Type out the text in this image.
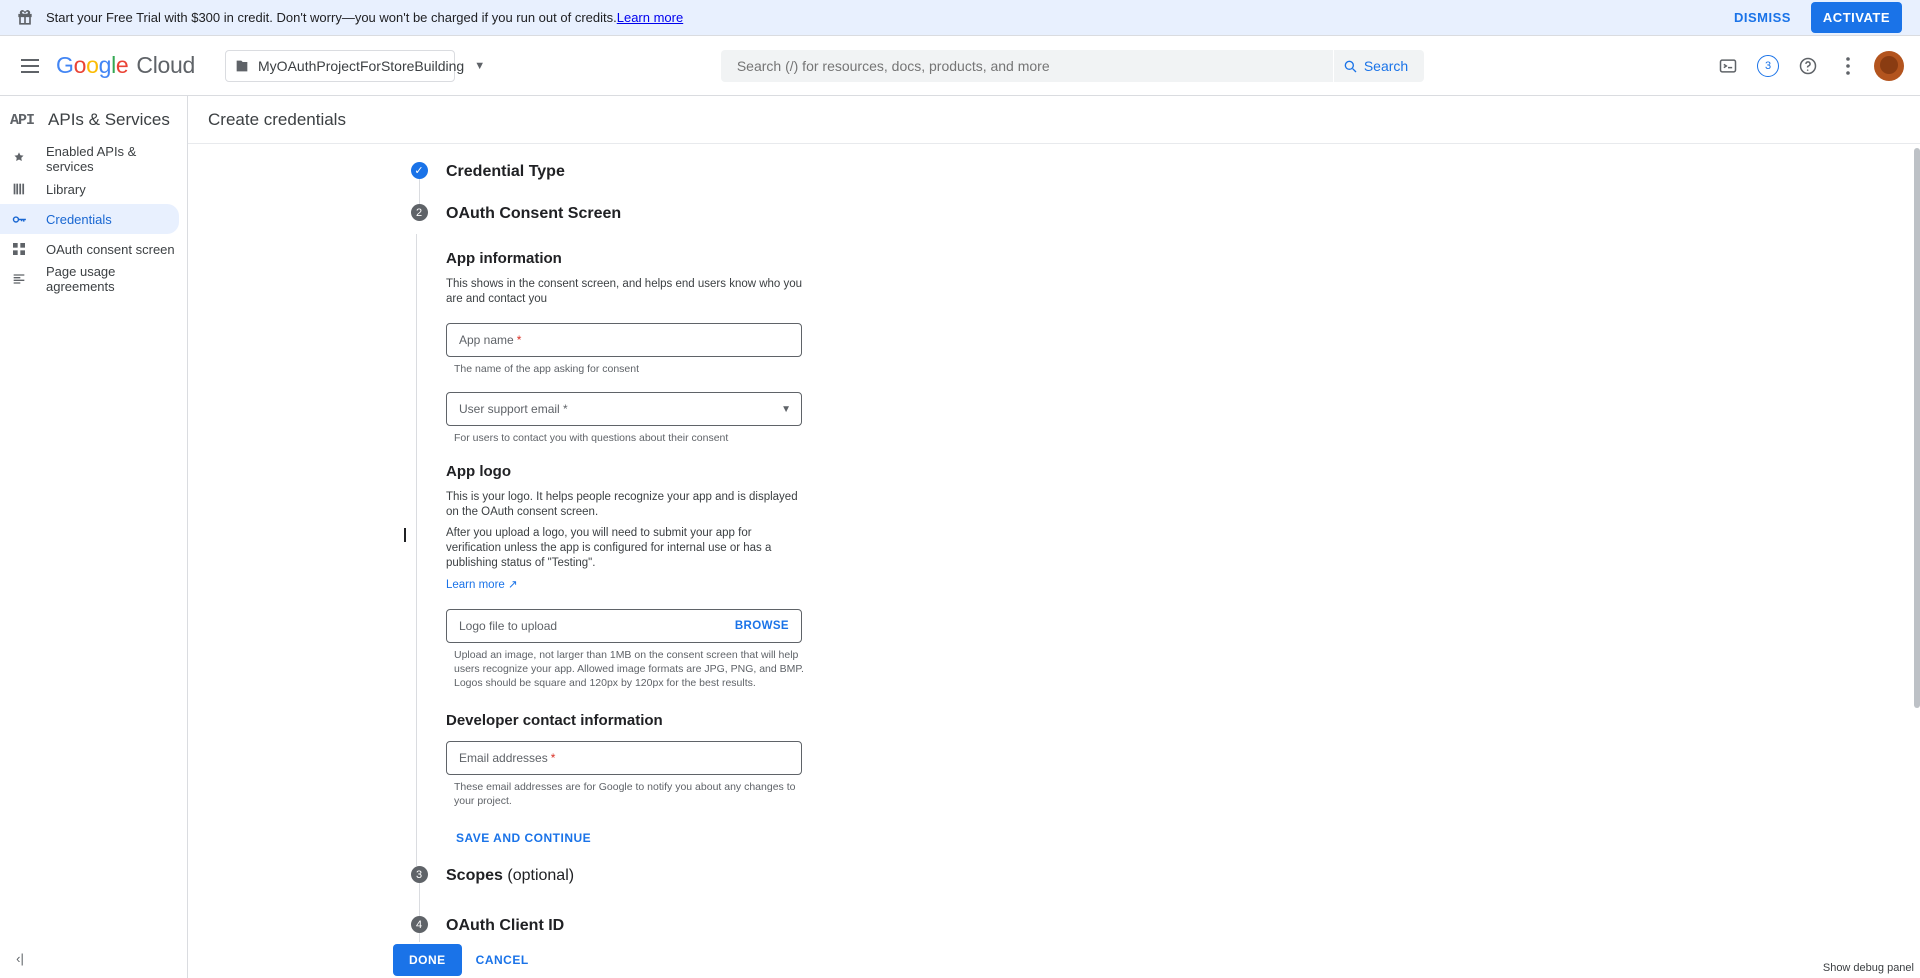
Start your Free Trial with $300 in credit. Don't worry—you won't be charged if you run out of credits. Learn more	DISMISS	ACTIVATE
G o o g l e Cloud	MyOAuthProjectForStoreBuilding ▼
Search (/) for resources, docs, products, and more	Search	3
API APIs & Services
Enabled APIs & services
Library
Credentials
OAuth consent screen
Page usage agreements
‹|
Create credentials
✓ Credential Type
2	OAuth Consent Screen
App information
This shows in the consent screen, and helps end users know who you are and contact you
App name *
The name of the app asking for consent
User support email *	▼
For users to contact you with questions about their consent
App logo
This is your logo. It helps people recognize your app and is displayed on the OAuth consent screen.
After you upload a logo, you will need to submit your app for verification unless the app is configured for internal use or has a publishing status of "Testing".
Learn more ↗
Logo file to upload	BROWSE
Upload an image, not larger than 1MB on the consent screen that will help users recognize your app. Allowed image formats are JPG, PNG, and BMP. Logos should be square and 120px by 120px for the best results.
Developer contact information
Email addresses *
These email addresses are for Google to notify you about any changes to your project.
SAVE AND CONTINUE
3	Scopes (optional)
4	OAuth Client ID
DONE	CANCEL
Show debug panel
